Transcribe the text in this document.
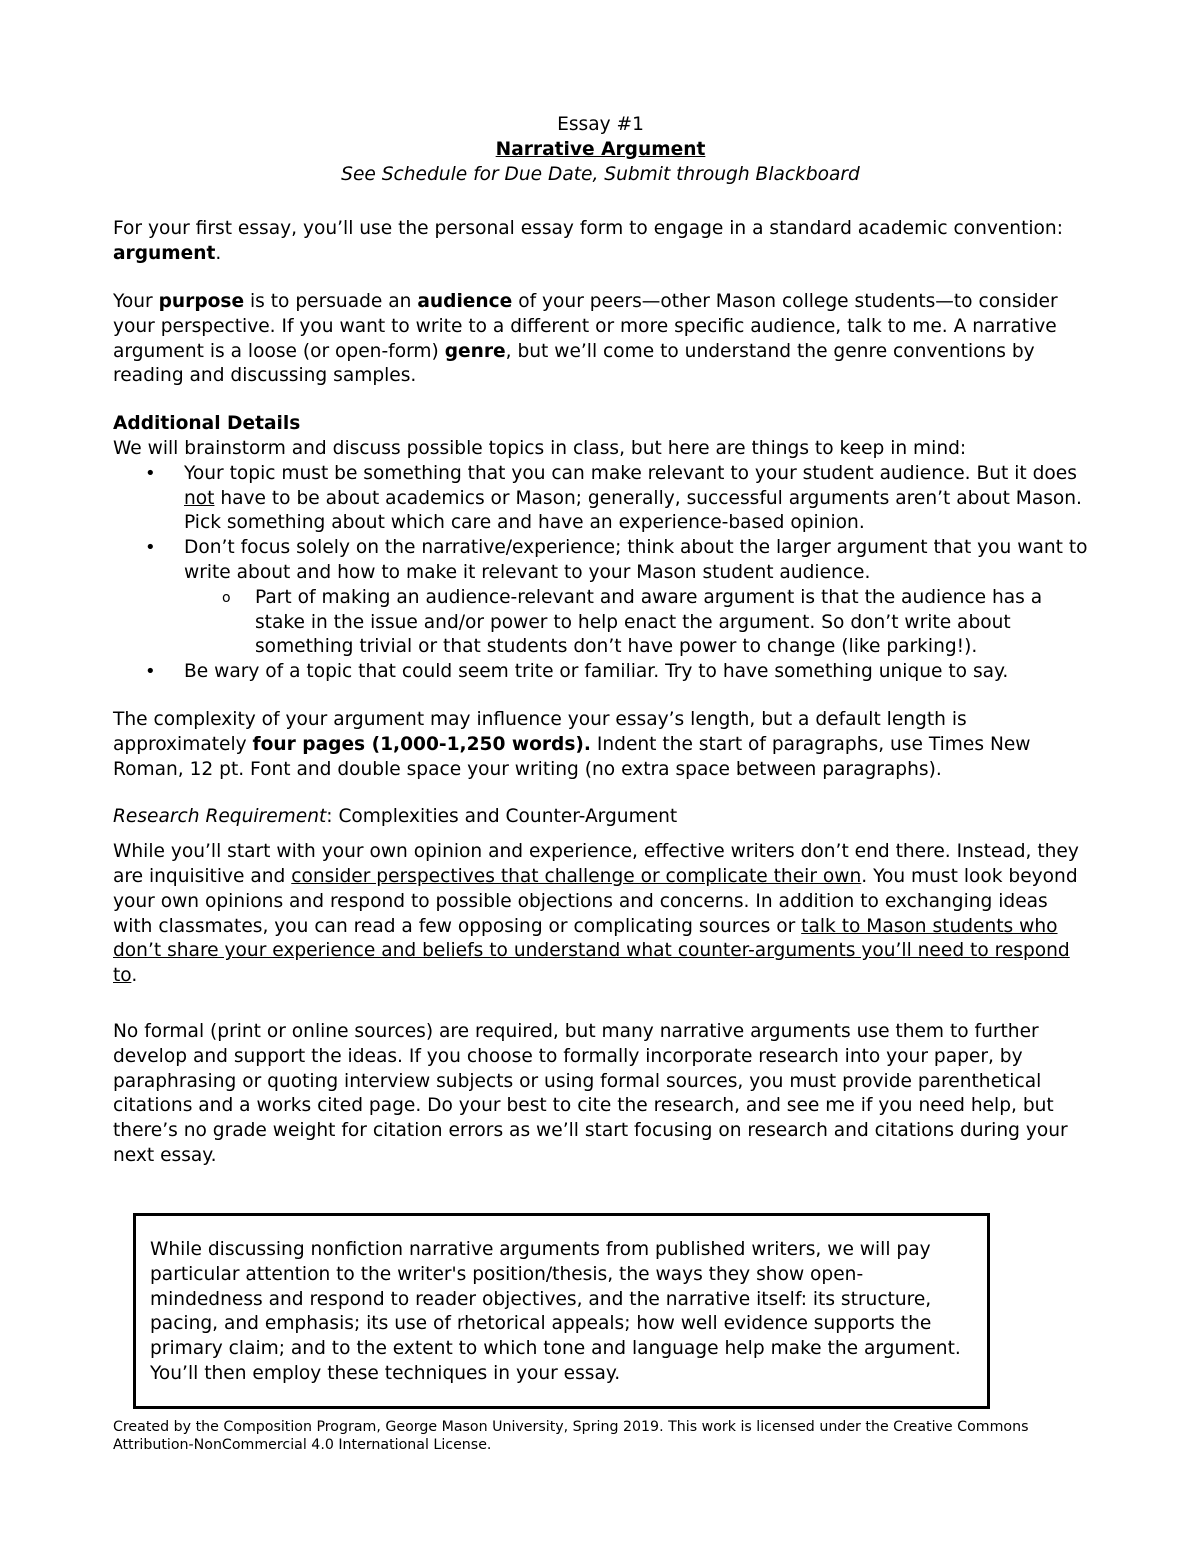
Essay #1
Narrative Argument
See Schedule for Due Date, Submit through Blackboard

For your first essay, you’ll use the personal essay form to engage in a standard academic convention: argument.

Your purpose is to persuade an audience of your peers—other Mason college students—to consider your perspective. If you want to write to a different or more specific audience, talk to me. A narrative argument is a loose (or open-form) genre, but we’ll come to understand the genre conventions by reading and discussing samples.

Additional Details

We will brainstorm and discuss possible topics in class, but here are things to keep in mind:

• Your topic must be something that you can make relevant to your student audience. But it does not have to be about academics or Mason; generally, successful arguments aren’t about Mason. Pick something about which care and have an experience-based opinion.
• Don’t focus solely on the narrative/experience; think about the larger argument that you want to write about and how to make it relevant to your Mason student audience.
o Part of making an audience-relevant and aware argument is that the audience has a stake in the issue and/or power to help enact the argument. So don’t write about something trivial or that students don’t have power to change (like parking!).
• Be wary of a topic that could seem trite or familiar. Try to have something unique to say.

The complexity of your argument may influence your essay’s length, but a default length is approximately four pages (1,000-1,250 words). Indent the start of paragraphs, use Times New Roman, 12 pt. Font and double space your writing (no extra space between paragraphs).

Research Requirement: Complexities and Counter-Argument

While you’ll start with your own opinion and experience, effective writers don’t end there. Instead, they are inquisitive and consider perspectives that challenge or complicate their own. You must look beyond your own opinions and respond to possible objections and concerns. In addition to exchanging ideas with classmates, you can read a few opposing or complicating sources or talk to Mason students who don’t share your experience and beliefs to understand what counter-arguments you’ll need to respond to.

No formal (print or online sources) are required, but many narrative arguments use them to further develop and support the ideas. If you choose to formally incorporate research into your paper, by paraphrasing or quoting interview subjects or using formal sources, you must provide parenthetical citations and a works cited page. Do your best to cite the research, and see me if you need help, but there’s no grade weight for citation errors as we’ll start focusing on research and citations during your next essay.

While discussing nonfiction narrative arguments from published writers, we will pay particular attention to the writer's position/thesis, the ways they show open-mindedness and respond to reader objectives, and the narrative itself: its structure, pacing, and emphasis; its use of rhetorical appeals; how well evidence supports the primary claim; and to the extent to which tone and language help make the argument. You’ll then employ these techniques in your essay.

Created by the Composition Program, George Mason University, Spring 2019. This work is licensed under the Creative Commons Attribution-NonCommercial 4.0 International License.
